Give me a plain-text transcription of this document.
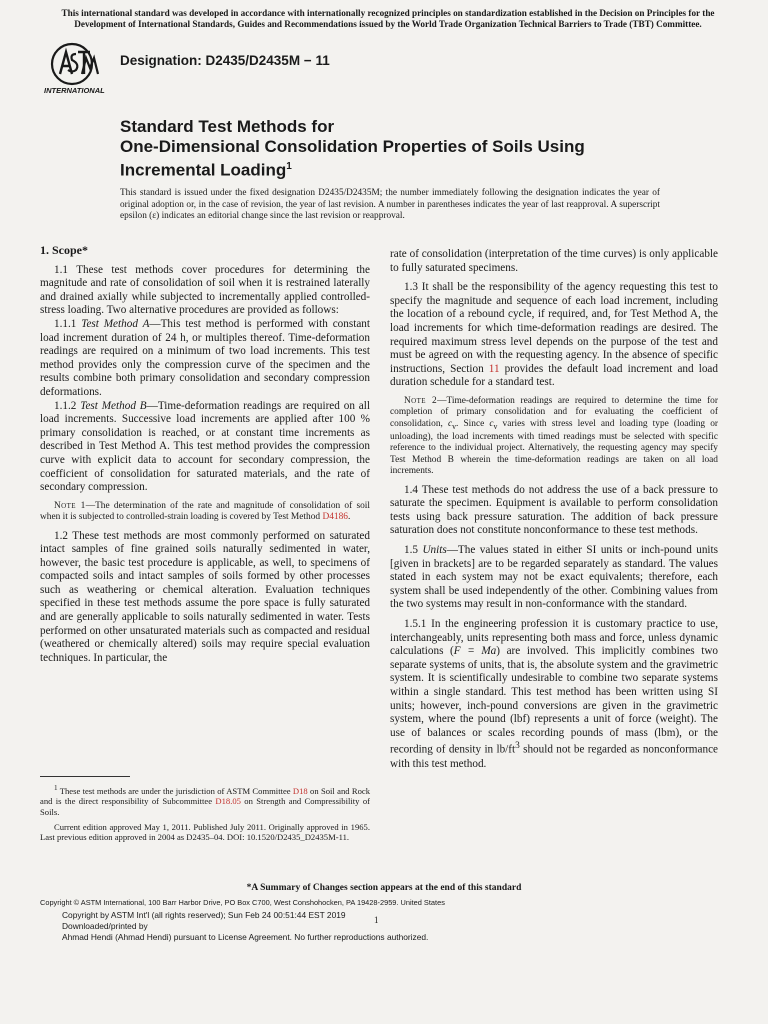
This international standard was developed in accordance with internationally recognized principles on standardization established in the Decision on Principles for the Development of International Standards, Guides and Recommendations issued by the World Trade Organization Technical Barriers to Trade (TBT) Committee.
INTERNATIONAL
Designation: D2435/D2435M − 11
Standard Test Methods for
One-Dimensional Consolidation Properties of Soils Using
Incremental Loading$^1$
This standard is issued under the fixed designation D2435/D2435M; the number immediately following the designation indicates the year of original adoption or, in the case of revision, the year of last revision. A number in parentheses indicates the year of last reapproval. A superscript epsilon (ε) indicates an editorial change since the last revision or reapproval.
1. Scope*

1.1 These test methods cover procedures for determining the magnitude and rate of consolidation of soil when it is restrained laterally and drained axially while subjected to incrementally applied controlled-stress loading. Two alternative procedures are provided as follows:

1.1.1 Test Method A—This test method is performed with constant load increment duration of 24 h, or multiples thereof. Time-deformation readings are required on a minimum of two load increments. This test method provides only the compression curve of the specimen and the results combine both primary consolidation and secondary compression deformations.

1.1.2 Test Method B—Time-deformation readings are required on all load increments. Successive load increments are applied after 100 % primary consolidation is reached, or at constant time increments as described in Test Method A. This test method provides the compression curve with explicit data to account for secondary compression, the coefficient of consolidation for saturated materials, and the rate of secondary compression.

Note 1—The determination of the rate and magnitude of consolidation of soil when it is subjected to controlled-strain loading is covered by Test Method D4186.

1.2 These test methods are most commonly performed on saturated intact samples of fine grained soils naturally sedimented in water, however, the basic test procedure is applicable, as well, to specimens of compacted soils and intact samples of soils formed by other processes such as weathering or chemical alteration. Evaluation techniques specified in these test methods assume the pore space is fully saturated and are generally applicable to soils naturally sedimented in water. Tests performed on other unsaturated materials such as compacted and residual (weathered or chemically altered) soils may require special evaluation techniques. In particular, the

rate of consolidation (interpretation of the time curves) is only applicable to fully saturated specimens.

1.3 It shall be the responsibility of the agency requesting this test to specify the magnitude and sequence of each load increment, including the location of a rebound cycle, if required, and, for Test Method A, the load increments for which time-deformation readings are desired. The required maximum stress level depends on the purpose of the test and must be agreed on with the requesting agency. In the absence of specific instructions, Section 11 provides the default load increment and load duration schedule for a standard test.

Note 2—Time-deformation readings are required to determine the time for completion of primary consolidation and for evaluating the coefficient of consolidation, $c_v$. Since $c_v$ varies with stress level and loading type (loading or unloading), the load increments with timed readings must be selected with specific reference to the individual project. Alternatively, the requesting agency may specify Test Method B wherein the time-deformation readings are taken on all load increments.

1.4 These test methods do not address the use of a back pressure to saturate the specimen. Equipment is available to perform consolidation tests using back pressure saturation. The addition of back pressure saturation does not constitute nonconformance to these test methods.

1.5 Units—The values stated in either SI units or inch-pound units [given in brackets] are to be regarded separately as standard. The values stated in each system may not be exact equivalents; therefore, each system shall be used independently of the other. Combining values from the two systems may result in non-conformance with the standard.

1.5.1 In the engineering profession it is customary practice to use, interchangeably, units representing both mass and force, unless dynamic calculations (F = Ma) are involved. This implicitly combines two separate systems of units, that is, the absolute system and the gravimetric system. It is scientifically undesirable to combine two separate systems within a single standard. This test method has been written using SI units; however, inch-pound conversions are given in the gravimetric system, where the pound (lbf) represents a unit of force (weight). The use of balances or scales recording pounds of mass (lbm), or the recording of density in $lb/ft^3$ should not be regarded as nonconformance with this test method.

$^1$ These test methods are under the jurisdiction of ASTM Committee D18 on Soil and Rock and is the direct responsibility of Subcommittee D18.05 on Strength and Compressibility of Soils.

Current edition approved May 1, 2011. Published July 2011. Originally approved in 1965. Last previous edition approved in 2004 as D2435–04. DOI: 10.1520/D2435_D2435M-11.

*A Summary of Changes section appears at the end of this standard
Copyright © ASTM International, 100 Barr Harbor Drive, PO Box C700, West Conshohocken, PA 19428-2959. United States
Copyright by ASTM Int'l (all rights reserved); Sun Feb 24 00:51:44 EST 2019
Downloaded/printed by
Ahmad Hendi (Ahmad Hendi) pursuant to License Agreement. No further reproductions authorized.
1
